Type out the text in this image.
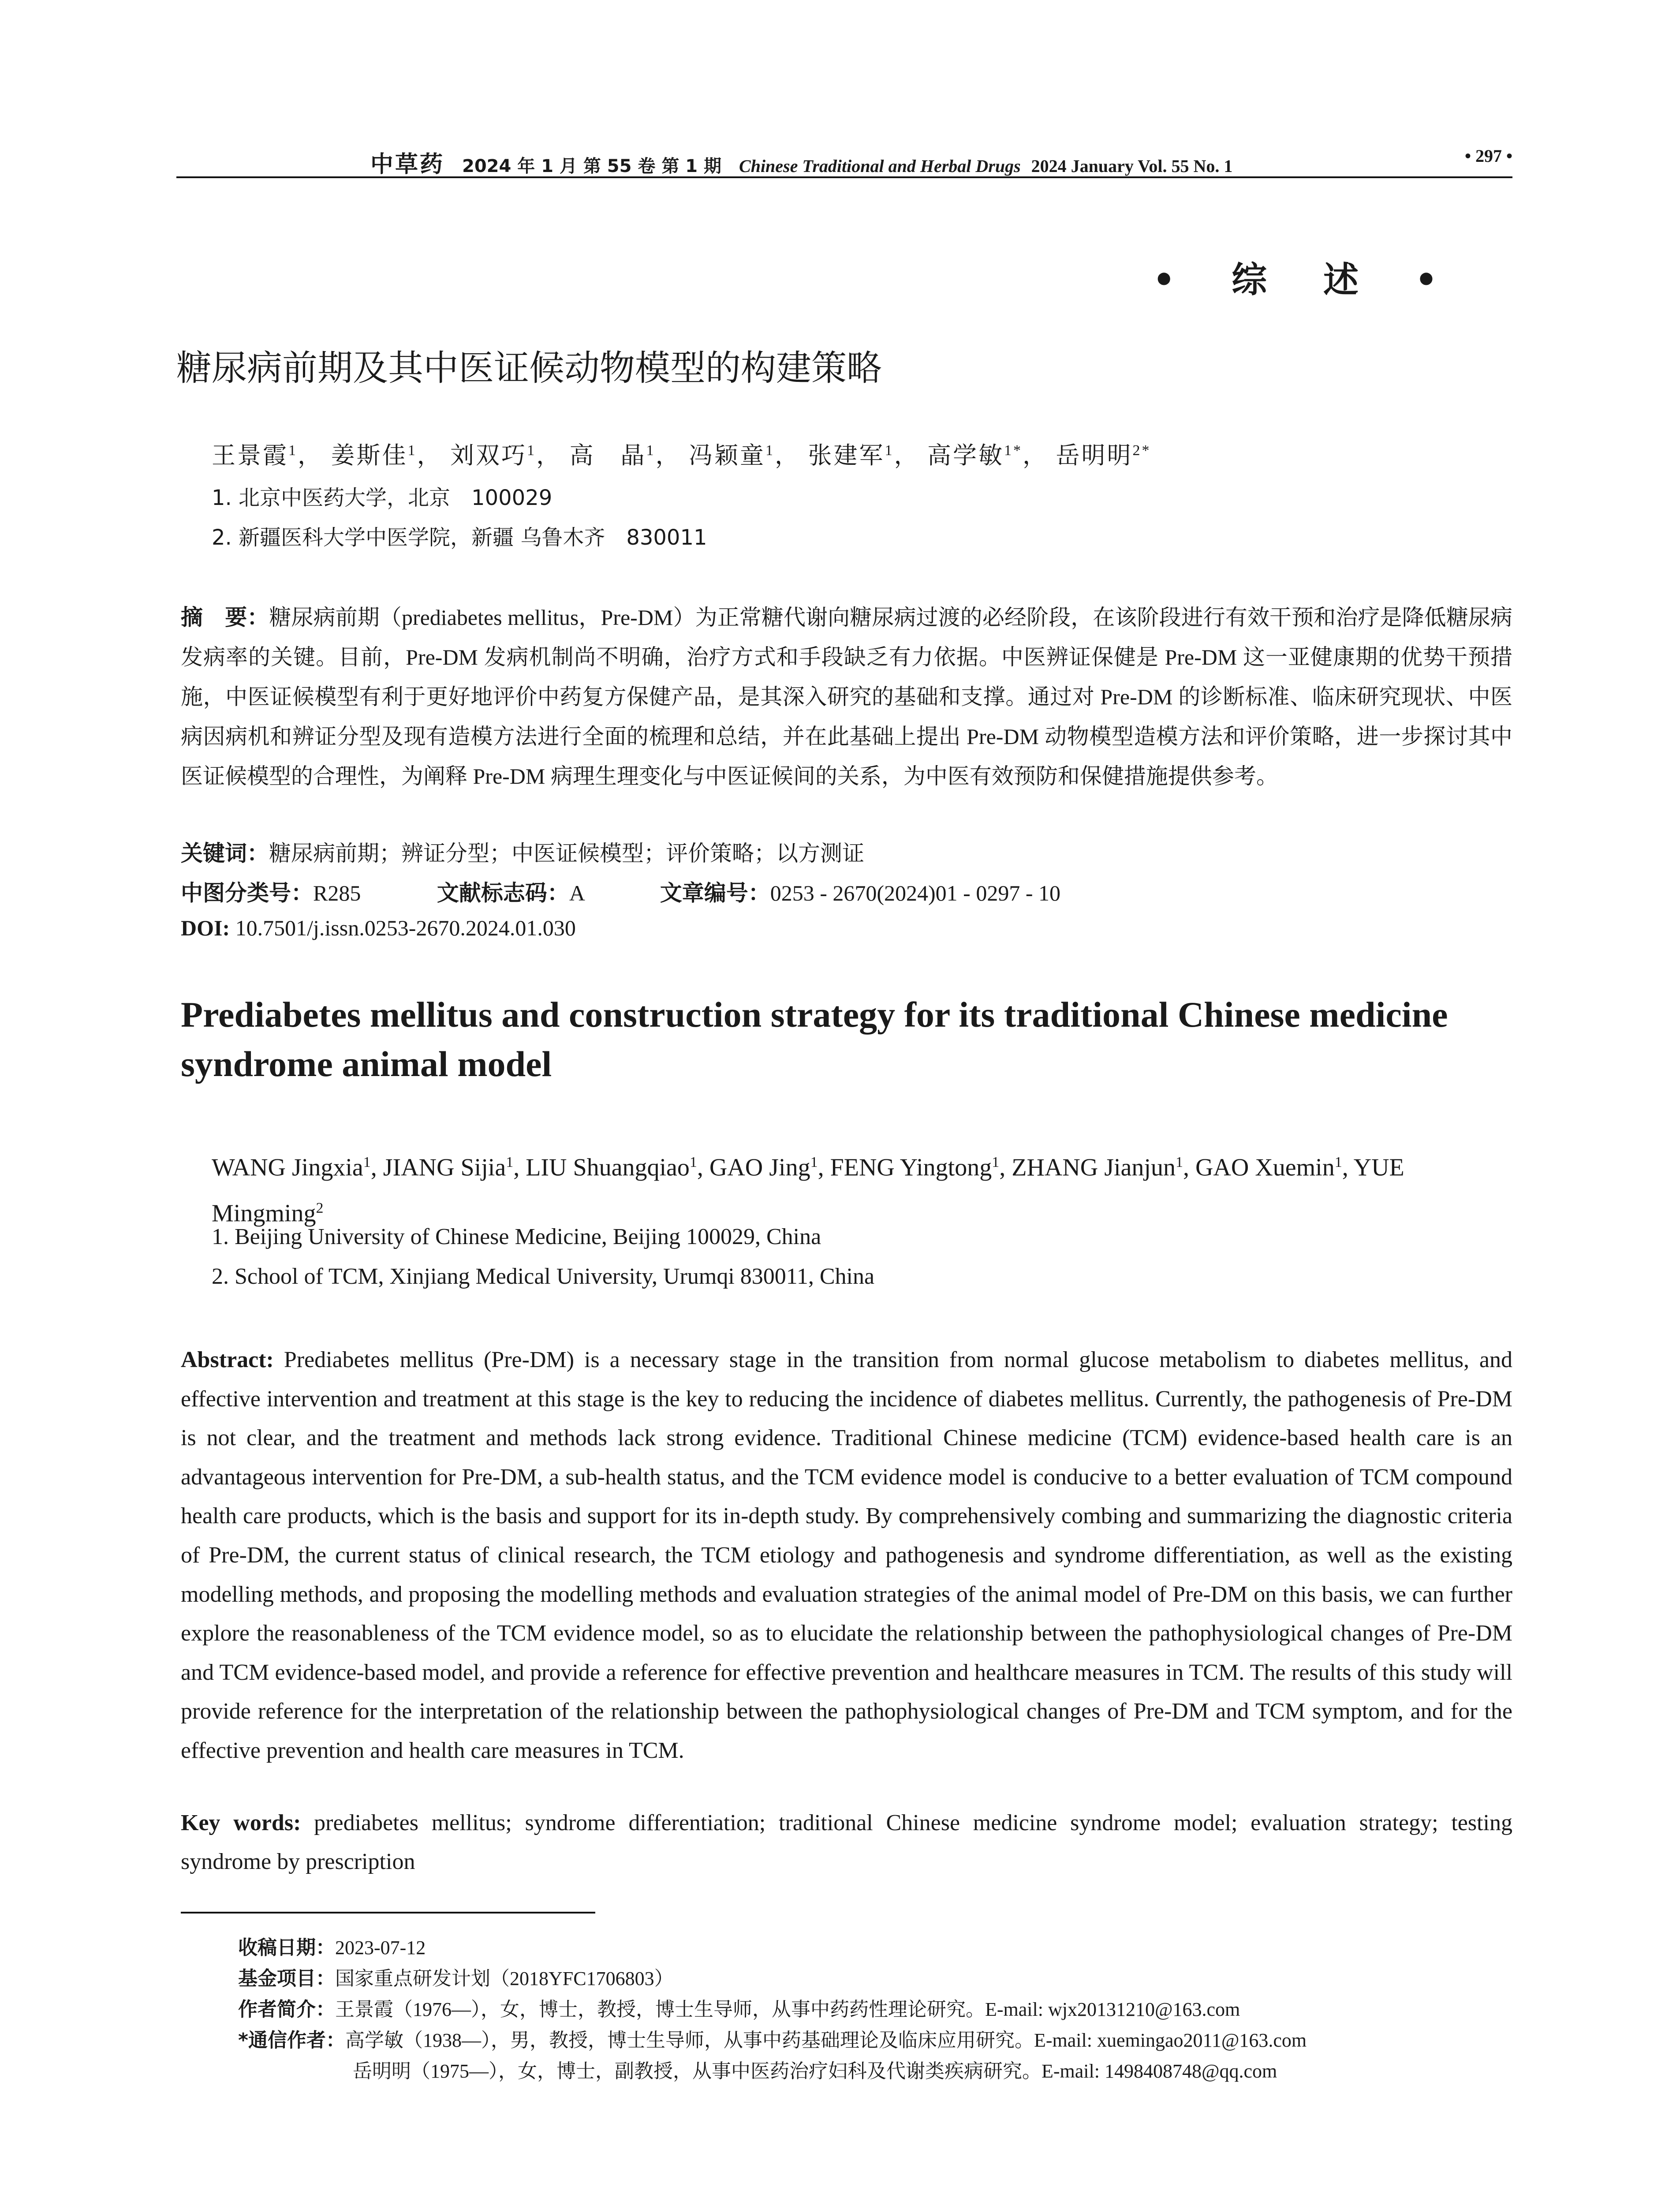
中草药 2024 年 1 月 第 55 卷 第 1 期 Chinese Traditional and Herbal Drugs 2024 January Vol. 55 No. 1
• 297 •
• 综 述 •
糖尿病前期及其中医证候动物模型的构建策略
王景霞$^1$， 姜斯佳$^1$， 刘双巧$^1$， 高　晶$^1$， 冯颖童$^1$， 张建军$^1$， 高学敏$^{1*}$， 岳明明$^{2*}$
1. 北京中医药大学，北京　100029
2. 新疆医科大学中医学院，新疆 乌鲁木齐　830011
摘　要：糖尿病前期（prediabetes mellitus，Pre-DM）为正常糖代谢向糖尿病过渡的必经阶段，在该阶段进行有效干预和治疗是降低糖尿病发病率的关键。目前，Pre-DM 发病机制尚不明确，治疗方式和手段缺乏有力依据。中医辨证保健是 Pre-DM 这一亚健康期的优势干预措施，中医证候模型有利于更好地评价中药复方保健产品，是其深入研究的基础和支撑。通过对 Pre-DM 的诊断标准、临床研究现状、中医病因病机和辨证分型及现有造模方法进行全面的梳理和总结，并在此基础上提出 Pre-DM 动物模型造模方法和评价策略，进一步探讨其中医证候模型的合理性，为阐释 Pre-DM 病理生理变化与中医证候间的关系，为中医有效预防和保健措施提供参考。
关键词：糖尿病前期；辨证分型；中医证候模型；评价策略；以方测证
中图分类号：R285	文献标志码：A	文章编号：0253 - 2670(2024)01 - 0297 - 10
DOI: 10.7501/j.issn.0253-2670.2024.01.030
Prediabetes mellitus and construction strategy for its traditional Chinese medicine syndrome animal model
WANG Jingxia$^1$, JIANG Sijia$^1$, LIU Shuangqiao$^1$, GAO Jing$^1$, FENG Yingtong$^1$, ZHANG Jianjun$^1$, GAO Xuemin$^1$, YUE Mingming$^2$
1. Beijing University of Chinese Medicine, Beijing 100029, China
2. School of TCM, Xinjiang Medical University, Urumqi 830011, China
Abstract: Prediabetes mellitus (Pre-DM) is a necessary stage in the transition from normal glucose metabolism to diabetes mellitus, and effective intervention and treatment at this stage is the key to reducing the incidence of diabetes mellitus. Currently, the pathogenesis of Pre-DM is not clear, and the treatment and methods lack strong evidence. Traditional Chinese medicine (TCM) evidence-based health care is an advantageous intervention for Pre-DM, a sub-health status, and the TCM evidence model is conducive to a better evaluation of TCM compound health care products, which is the basis and support for its in-depth study. By comprehensively combing and summarizing the diagnostic criteria of Pre-DM, the current status of clinical research, the TCM etiology and pathogenesis and syndrome differentiation, as well as the existing modelling methods, and proposing the modelling methods and evaluation strategies of the animal model of Pre-DM on this basis, we can further explore the reasonableness of the TCM evidence model, so as to elucidate the relationship between the pathophysiological changes of Pre-DM and TCM evidence-based model, and provide a reference for effective prevention and healthcare measures in TCM. The results of this study will provide reference for the interpretation of the relationship between the pathophysiological changes of Pre-DM and TCM symptom, and for the effective prevention and health care measures in TCM.
Key words: prediabetes mellitus; syndrome differentiation; traditional Chinese medicine syndrome model; evaluation strategy; testing syndrome by prescription
收稿日期：2023-07-12
基金项目：国家重点研发计划（2018YFC1706803）
作者简介：王景霞（1976—），女，博士，教授，博士生导师，从事中药药性理论研究。E-mail: wjx20131210@163.com
*通信作者：高学敏（1938—），男，教授，博士生导师，从事中药基础理论及临床应用研究。E-mail: xuemingao2011@163.com
岳明明（1975—），女，博士，副教授，从事中医药治疗妇科及代谢类疾病研究。E-mail: 1498408748@qq.com
